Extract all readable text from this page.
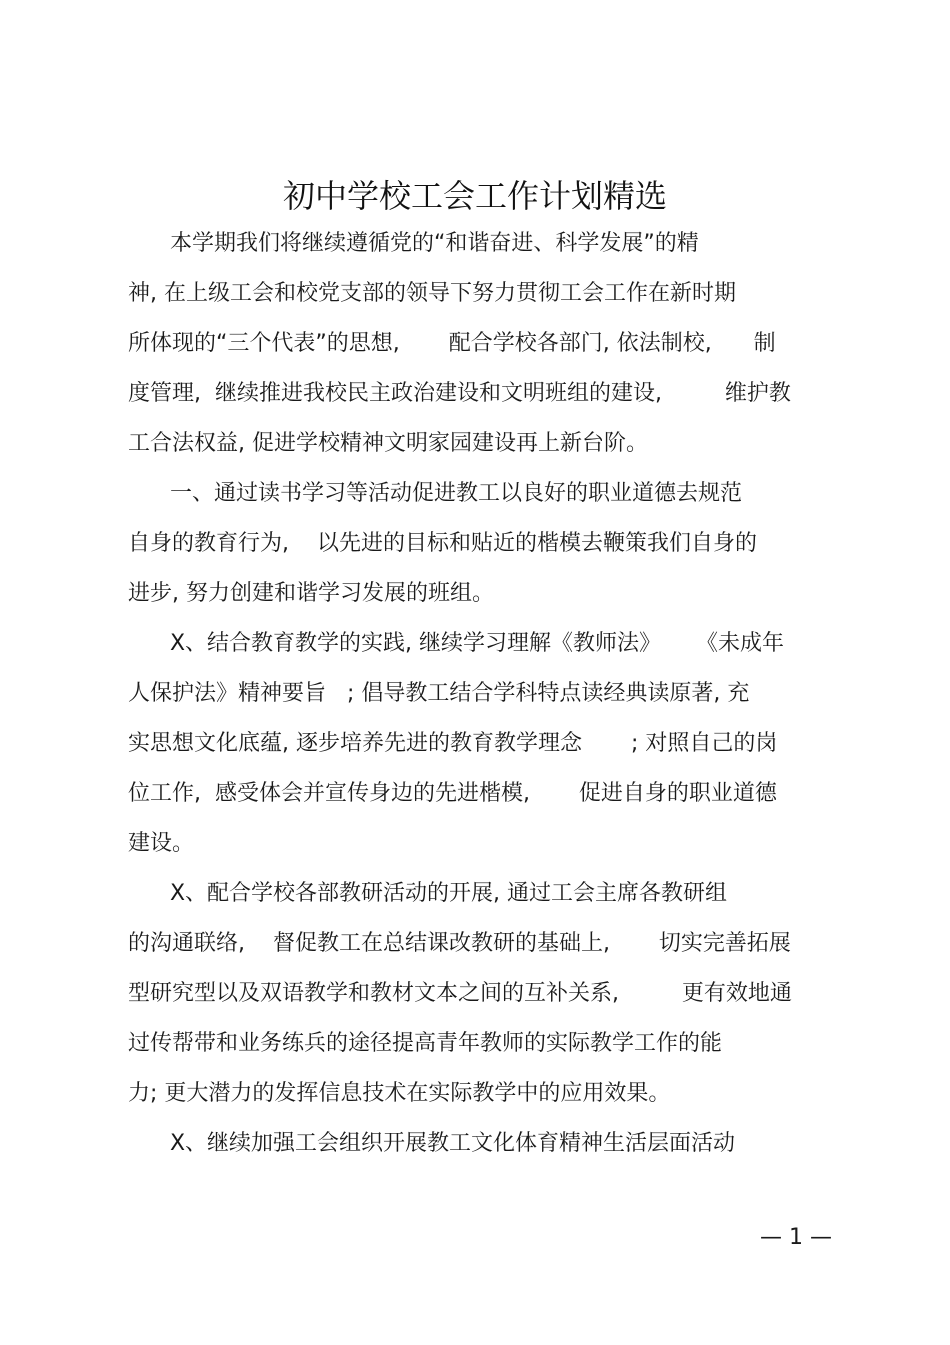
初中学校工会工作计划精选
本学期我们将继续遵循党的“和谐奋进、科学发展”的精
神, 在上级工会和校党支部的领导下努力贯彻工会工作在新时期
所体现的“三个代表”的思想,       配合学校各部门, 依法制校,      制
度管理,  继续推进我校民主政治建设和文明班组的建设,         维护教
工合法权益, 促进学校精神文明家园建设再上新台阶。
一、通过读书学习等活动促进教工以良好的职业道德去规范
自身的教育行为,    以先进的目标和贴近的楷模去鞭策我们自身的
进步, 努力创建和谐学习发展的班组。
X、结合教育教学的实践, 继续学习理解《教师法》     《未成年
人保护法》精神要旨   ; 倡导教工结合学科特点读经典读原著, 充
实思想文化底蕴, 逐步培养先进的教育教学理念       ; 对照自己的岗
位工作,  感受体会并宣传身边的先进楷模,       促进自身的职业道德
建设。
X、配合学校各部教研活动的开展, 通过工会主席各教研组
的沟通联络,    督促教工在总结课改教研的基础上,       切实完善拓展
型研究型以及双语教学和教材文本之间的互补关系,         更有效地通
过传帮带和业务练兵的途径提高青年教师的实际教学工作的能
力; 更大潜力的发挥信息技术在实际教学中的应用效果。
X、继续加强工会组织开展教工文化体育精神生活层面活动
— 1 —
